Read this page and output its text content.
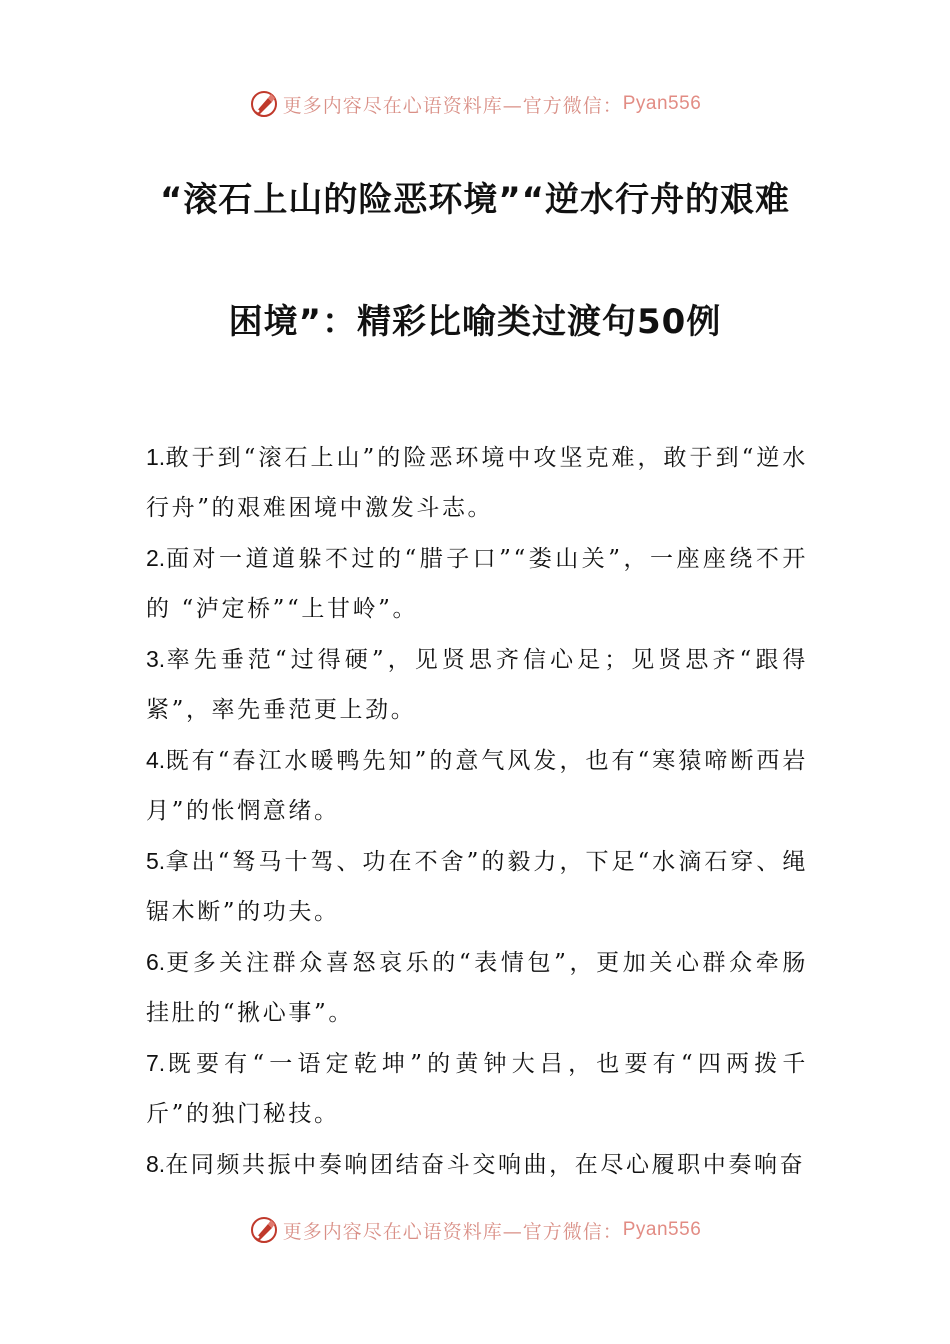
更多内容尽在心语资料库—官方微信： Pyan556
“滚石上山的险恶环境”“逆水行舟的艰难
困境”：精彩比喻类过渡句50例

1.敢于到“滚石上山”的险恶环境中攻坚克难，敢于到“逆水行舟”的艰难困境中激发斗志。

2.面对一道道躲不过的“腊子口”“娄山关”，一座座绕不开的 “泸定桥”“上甘岭”。

3.率先垂范“过得硬”，见贤思齐信心足；见贤思齐“跟得紧”，率先垂范更上劲。

4.既有“春江水暖鸭先知”的意气风发，也有“寒猿啼断西岩月”的怅惘意绪。

5.拿出“驽马十驾、功在不舍”的毅力，下足“水滴石穿、绳锯木断”的功夫。

6.更多关注群众喜怒哀乐的“表情包”，更加关心群众牵肠挂肚的“揪心事”。

7.既要有“一语定乾坤”的黄钟大吕，也要有“四两拨千斤”的独门秘技。

8.在同频共振中奏响团结奋斗交响曲，在尽心履职中奏响奋

更多内容尽在心语资料库—官方微信： Pyan556
